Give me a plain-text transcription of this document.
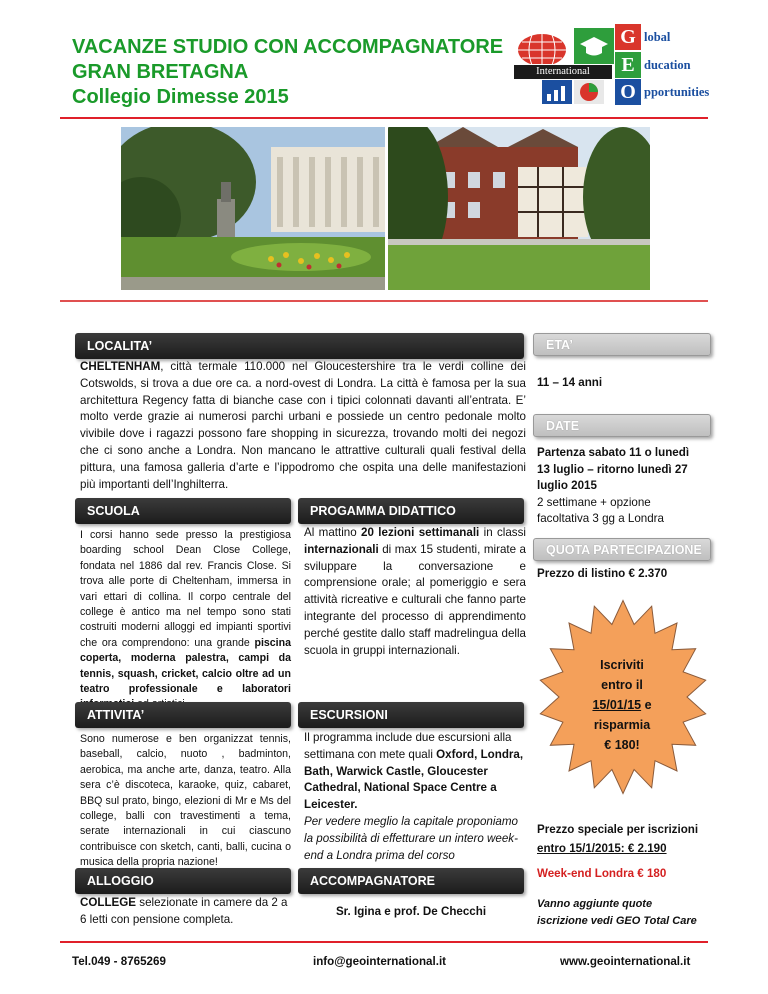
VACANZE STUDIO CON ACCOMPAGNATORE
GRAN BRETAGNA
Collegio Dimesse 2015
International
G lobal
E ducation
O pportunities
LOCALITA’
CHELTENHAM, città termale 110.000 nel Gloucestershire tra le verdi colline dei Cotswolds, si trova a due ore ca. a nord-ovest di Londra. La città è famosa per la sua architettura Regency fatta di bianche case con i tipici colonnati davanti all’entrata. E’ molto verde grazie ai numerosi parchi urbani e possiede un centro pedonale molto vivibile dove i ragazzi possono fare shopping in sicurezza, trovando molti dei negozi che ci sono anche a Londra. Non mancano le attrattive culturali quali festival della pittura, una famosa galleria d’arte e l’ippodromo che ospita una delle manifestazioni più importanti dell’Inghilterra.
SCUOLA
I corsi hanno sede presso la prestigiosa boarding school Dean Close College, fondata nel 1886 dal rev. Francis Close. Si trova alle porte di Cheltenham, immersa in vari ettari di collina. Il corpo centrale del college è antico ma nel tempo sono stati costruiti moderni alloggi ed impianti sportivi che ora comprendono: una grande piscina coperta, moderna palestra, campi da tennis, squash, cricket, calcio oltre ad un teatro professionale e laboratori
PROGAMMA DIDATTICO
Al mattino 20 lezioni settimanali in classi internazionali di max 15 studenti, mirate a sviluppare la conversazione e comprensione orale; al pomeriggio e sera attività ricreative e culturali che fanno parte integrante del processo di apprendimento perché gestite dallo staff madrelingua della scuola in gruppi internazionali.
ATTIVITA’
Sono numerose e ben organizzat tennis, baseball, calcio, nuoto , badminton, aerobica, ma anche arte, danza, teatro. Alla sera c’è discoteca, karaoke, quiz, cabaret, BBQ sul prato, bingo, elezioni di Mr e Ms del college, balli con travestimenti a tema, serate internazionali in cui ciascuno contribuisce con sketch, canti, balli, cucina o musica della propria nazione!
ESCURSIONI
Il programma include due escursioni alla settimana con mete quali Oxford, Londra, Bath, Warwick Castle, Gloucester Cathedral, National Space Centre a Leicester.
Per vedere meglio la capitale proponiamo la possibilità di effetturare un intero week-end a Londra prima del corso
ALLOGGIO
COLLEGE selezionate in camere da 2 a 6 letti con pensione completa.
ACCOMPAGNATORE
Sr. Igina e prof. De Checchi
ETA’
11 – 14 anni
DATE
Partenza sabato 11 o lunedì
13 luglio – ritorno lunedì 27
luglio 2015
2 settimane + opzione
facoltativa 3 gg a Londra
QUOTA PARTECIPAZIONE
Prezzo di listino € 2.370
Iscriviti
entro il
15/01/15 e
risparmia
€ 180!
Prezzo speciale per iscrizioni
entro 15/1/2015: € 2.190
Week-end Londra € 180
Vanno aggiunte quote
iscrizione vedi GEO Total Care
Tel.049 - 8765269	info@geointernational.it	www.geointernational.it
